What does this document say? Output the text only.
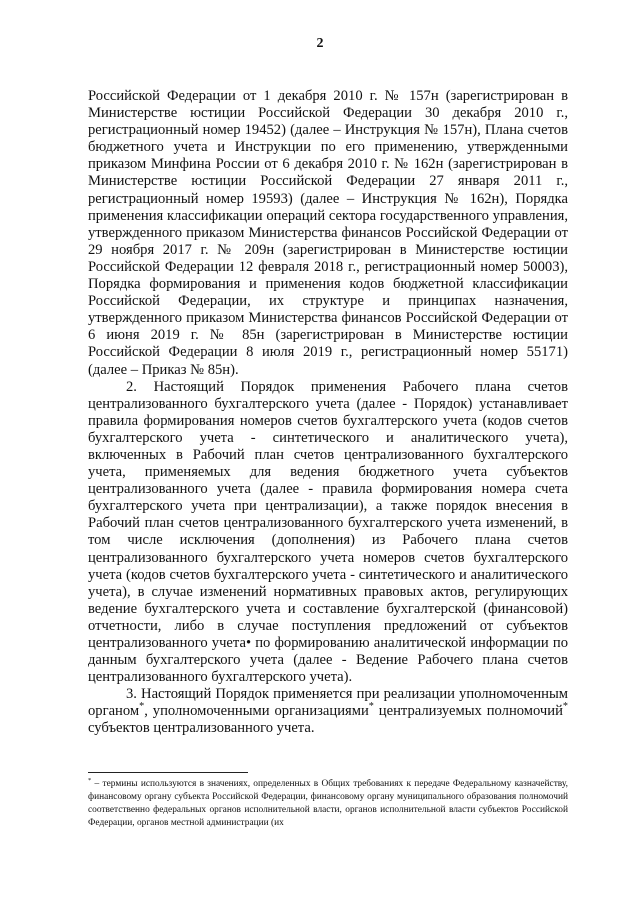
2

Российской Федерации от 1 декабря 2010 г. № 157н (зарегистрирован в Министерстве юстиции Российской Федерации 30 декабря 2010 г., регистрационный номер 19452) (далее – Инструкция № 157н), Плана счетов бюджетного учета и Инструкции по его применению, утвержденными приказом Минфина России от 6 декабря 2010 г. № 162н (зарегистрирован в Министерстве юстиции Российской Федерации 27 января 2011 г., регистрационный номер 19593) (далее – Инструкция № 162н), Порядка применения классификации операций сектора государственного управления, утвержденного приказом Министерства финансов Российской Федерации от 29 ноября 2017 г. № 209н (зарегистрирован в Министерстве юстиции Российской Федерации 12 февраля 2018 г., регистрационный номер 50003), Порядка формирования и применения кодов бюджетной классификации Российской Федерации, их структуре и принципах назначения, утвержденного приказом Министерства финансов Российской Федерации от 6 июня 2019 г. № 85н (зарегистрирован в Министерстве юстиции Российской Федерации 8 июля 2019 г., регистрационный номер 55171) (далее – Приказ № 85н).

2. Настоящий Порядок применения Рабочего плана счетов централизованного бухгалтерского учета (далее - Порядок) устанавливает правила формирования номеров счетов бухгалтерского учета (кодов счетов бухгалтерского учета - синтетического и аналитического учета), включенных в Рабочий план счетов централизованного бухгалтерского учета, применяемых для ведения бюджетного учета субъектов централизованного учета (далее - правила формирования номера счета бухгалтерского учета при централизации), а также порядок внесения в Рабочий план счетов централизованного бухгалтерского учета изменений, в том числе исключения (дополнения) из Рабочего плана счетов централизованного бухгалтерского учета номеров счетов бухгалтерского учета (кодов счетов бухгалтерского учета - синтетического и аналитического учета), в случае изменений нормативных правовых актов, регулирующих ведение бухгалтерского учета и составление бухгалтерской (финансовой) отчетности, либо в случае поступления предложений от субъектов централизованного учета• по формированию аналитической информации по данным бухгалтерского учета (далее - Ведение Рабочего плана счетов централизованного бухгалтерского учета).

3. Настоящий Порядок применяется при реализации уполномоченным органом*, уполномоченными организациями* централизуемых полномочий* субъектов централизованного учета.

* – термины используются в значениях, определенных в Общих требованиях к передаче Федеральному казначейству, финансовому органу субъекта Российской Федерации, финансовому органу муниципального образования полномочий соответственно федеральных органов исполнительной власти, органов исполнительной власти субъектов Российской Федерации, органов местной администрации (их
